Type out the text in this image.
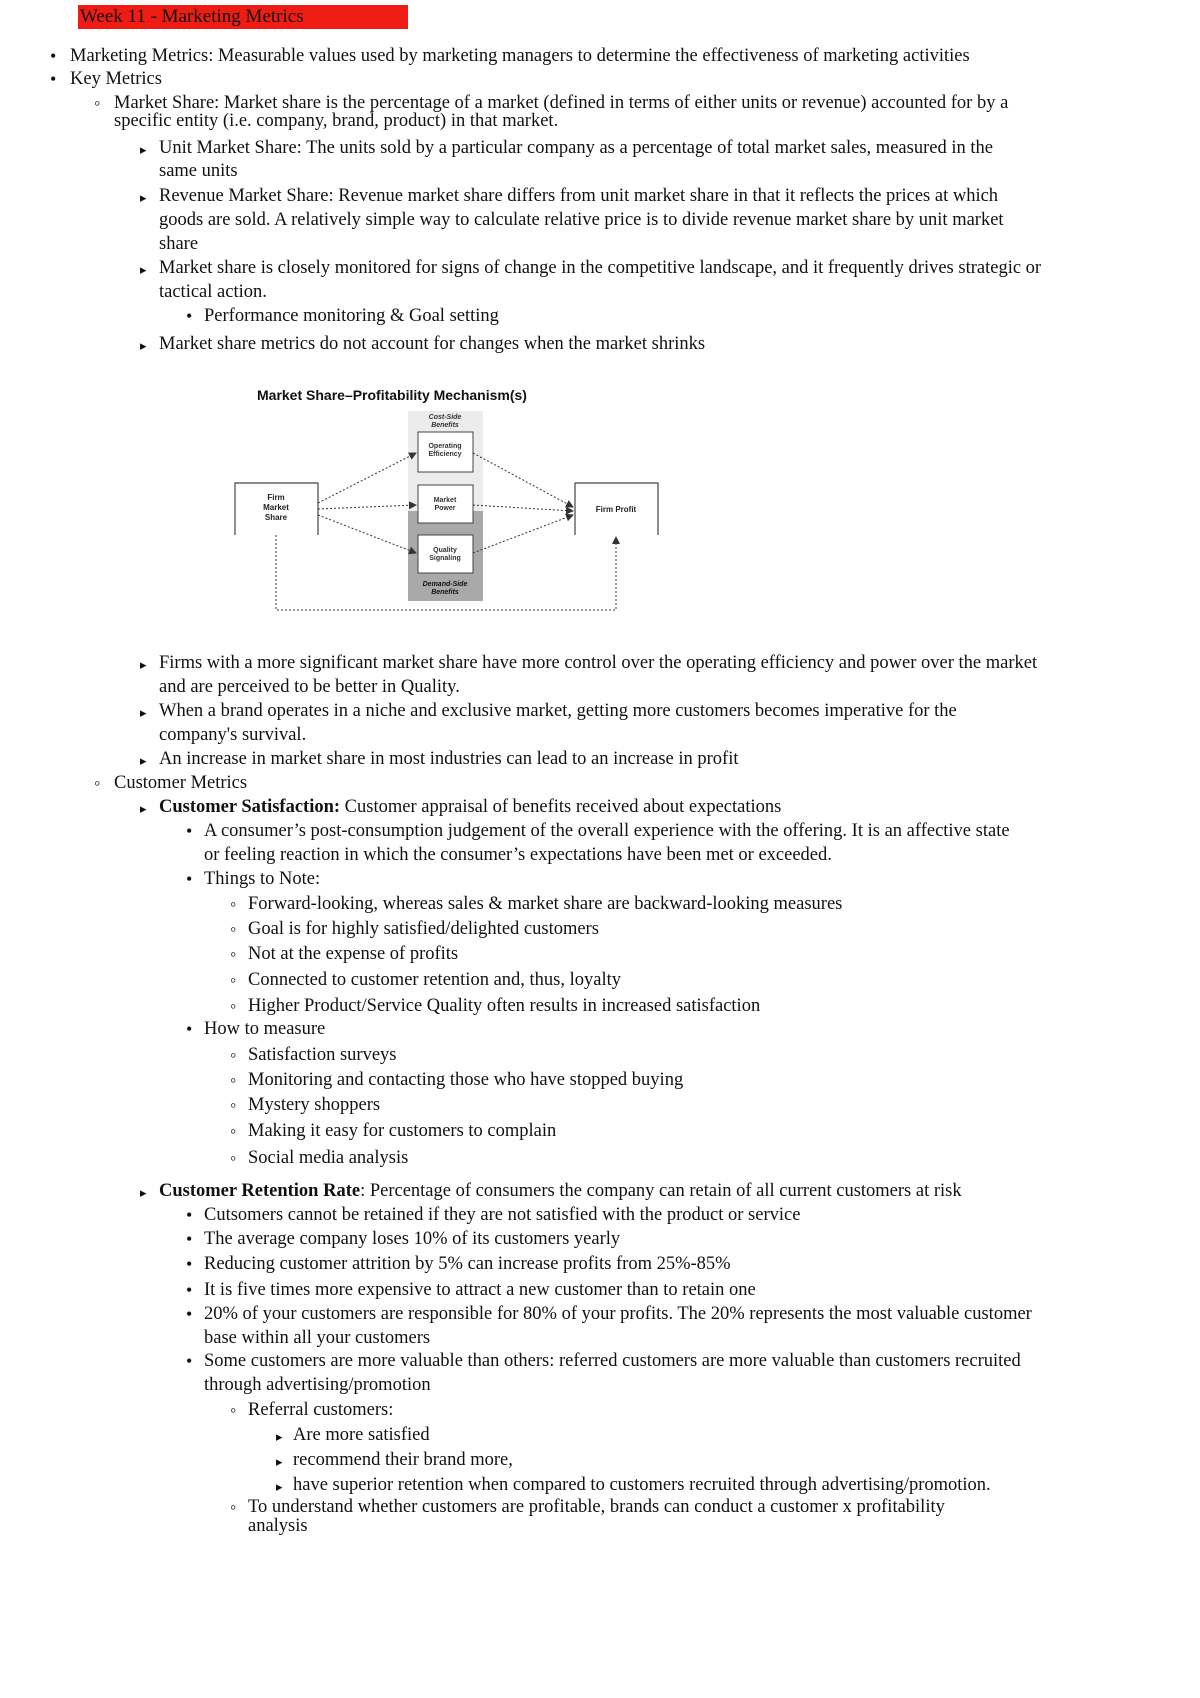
Week 11 - Marketing Metrics
•
Marketing Metrics: Measurable values used by marketing managers to determine the effectiveness of marketing activities
•
Key Metrics
◦
Market Share: Market share is the percentage of a market (defined in terms of either units or revenue) accounted for by a
specific entity (i.e. company, brand, product) in that market.
▸
Unit Market Share: The units sold by a particular company as a percentage of total market sales, measured in the
same units
▸
Revenue Market Share: Revenue market share differs from unit market share in that it reflects the prices at which
goods are sold. A relatively simple way to calculate relative price is to divide revenue market share by unit market
share
▸
Market share is closely monitored for signs of change in the competitive landscape, and it frequently drives strategic or
tactical action.
•
Performance monitoring & Goal setting
▸
Market share metrics do not account for changes when the market shrinks
Market Share–Profitability Mechanism(s)
Cost-Side
Benefits
Operating
Efficiency
Market
Power
Quality
Signaling
Demand-Side
Benefits
Firm
Market
Share
Firm Profit
▸
Firms with a more significant market share have more control over the operating efficiency and power over the market
and are perceived to be better in Quality.
▸
When a brand operates in a niche and exclusive market, getting more customers becomes imperative for the
company's survival.
▸
An increase in market share in most industries can lead to an increase in profit
◦
Customer Metrics
▸
Customer Satisfaction: Customer appraisal of benefits received about expectations
•
A consumer’s post-consumption judgement of the overall experience with the offering. It is an affective state
or feeling reaction in which the consumer’s expectations have been met or exceeded.
•
Things to Note:
◦
Forward-looking, whereas sales & market share are backward-looking measures
◦
Goal is for highly satisfied/delighted customers
◦
Not at the expense of profits
◦
Connected to customer retention and, thus, loyalty
◦
Higher Product/Service Quality often results in increased satisfaction
•
How to measure
◦
Satisfaction surveys
◦
Monitoring and contacting those who have stopped buying
◦
Mystery shoppers
◦
Making it easy for customers to complain
◦
Social media analysis
▸
Customer Retention Rate: Percentage of consumers the company can retain of all current customers at risk
•
Cutsomers cannot be retained if they are not satisfied with the product or service
•
The average company loses 10% of its customers yearly
•
Reducing customer attrition by 5% can increase profits from 25%-85%
•
It is five times more expensive to attract a new customer than to retain one
•
20% of your customers are responsible for 80% of your profits. The 20% represents the most valuable customer
base within all your customers
•
Some customers are more valuable than others: referred customers are more valuable than customers recruited
through advertising/promotion
◦
Referral customers:
▸
Are more satisfied
▸
recommend their brand more,
▸
have superior retention when compared to customers recruited through advertising/promotion.
◦
To understand whether customers are profitable, brands can conduct a customer x profitability
analysis
